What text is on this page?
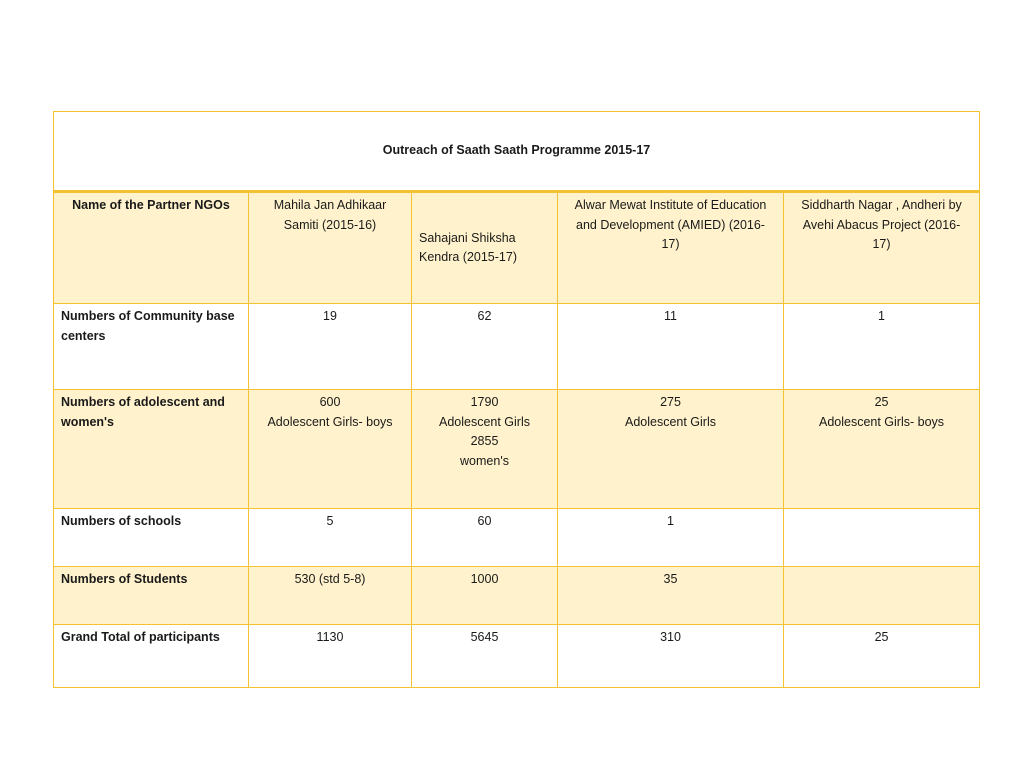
Outreach of Saath Saath Programme 2015-17				
Name of the Partner NGOs	Mahila Jan Adhikaar
Samiti (2015-16)	Sahajani Shiksha
Kendra (2015-17)	Alwar Mewat Institute of Education
and Development (AMIED) (2016-
17)	Siddharth Nagar , Andheri by
Avehi Abacus Project (2016-
17)

Numbers of Community base
centers	19	62	11	1

Numbers of adolescent and
women's	600
Adolescent Girls- boys	1790
Adolescent Girls
2855
women's	275
Adolescent Girls	25
Adolescent Girls- boys

Numbers of schools	5	60	1	
Numbers of Students	530 (std 5-8)	1000	35	
Grand Total of participants	1130	5645	310	25
